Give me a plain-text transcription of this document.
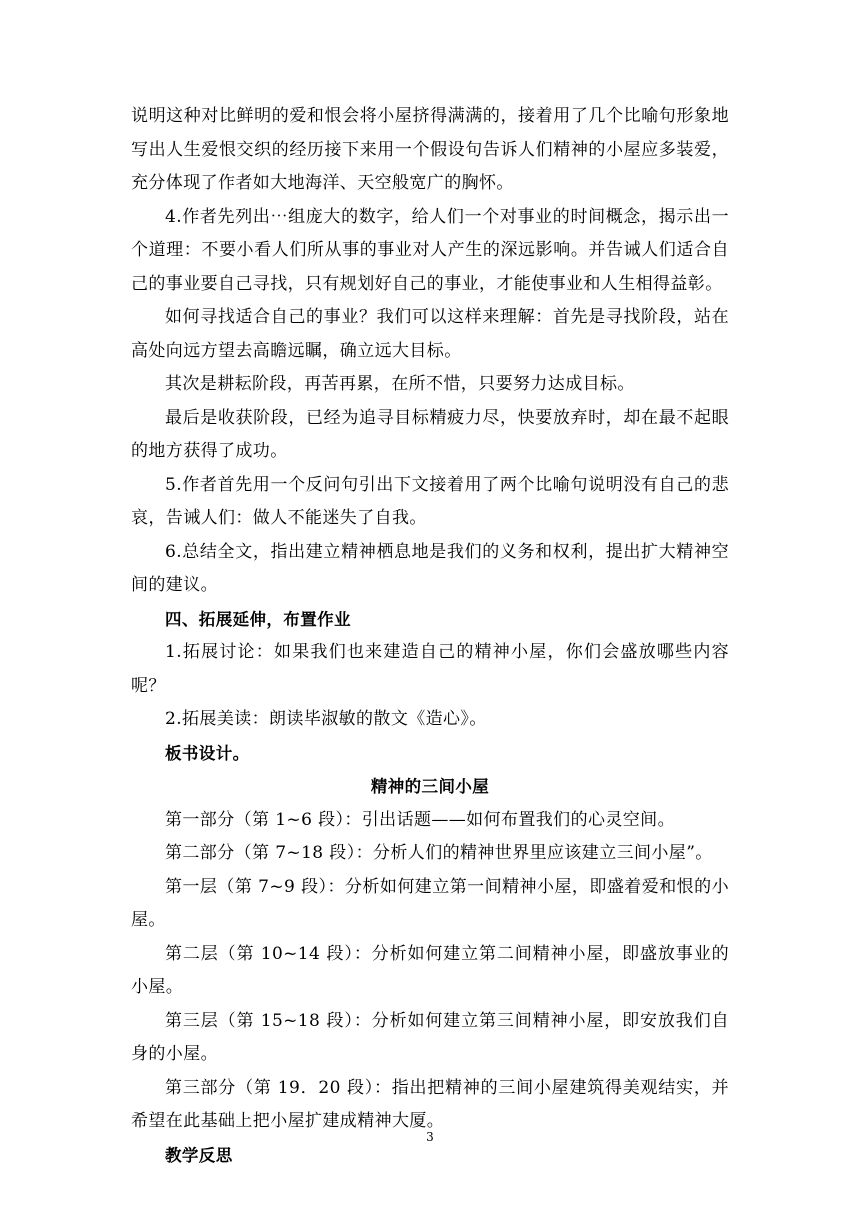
说明这种对比鲜明的爱和恨会将小屋挤得满满的，接着用了几个比喻句形象地写出人生爱恨交织的经历接下来用一个假设句告诉人们精神的小屋应多装爱，充分体现了作者如大地海洋、天空般宽广的胸怀。

4.作者先列出⋯组庞大的数字，给人们一个对事业的时间概念，揭示出一个道理：不要小看人们所从事的事业对人产生的深远影响。并告诫人们适合自己的事业要自己寻找，只有规划好自己的事业，才能使事业和人生相得益彰。

如何寻找适合自己的事业？我们可以这样来理解：首先是寻找阶段，站在高处向远方望去高瞻远瞩，确立远大目标。

其次是耕耘阶段，再苦再累，在所不惜，只要努力达成目标。

最后是收获阶段，已经为追寻目标精疲力尽，快要放弃时，却在最不起眼的地方获得了成功。

5.作者首先用一个反问句引出下文接着用了两个比喻句说明没有自己的悲哀，告诫人们：做人不能迷失了自我。

6.总结全文，指出建立精神栖息地是我们的义务和权利，提出扩大精神空间的建议。

四、拓展延伸，布置作业

1.拓展讨论：如果我们也来建造自己的精神小屋，你们会盛放哪些内容呢？

2.拓展美读：朗读毕淑敏的散文《造心》。

板书设计。

精神的三间小屋

第一部分（第 1~6 段）：引出话题——如何布置我们的心灵空间。

第二部分（第 7~18 段）：分析人们的精神世界里应该建立三间小屋”。

第一层（第 7~9 段）：分析如何建立第一间精神小屋，即盛着爱和恨的小屋。

第二层（第 10~14 段）：分析如何建立第二间精神小屋，即盛放事业的小屋。

第三层（第 15~18 段）：分析如何建立第三间精神小屋，即安放我们自身的小屋。

第三部分（第 19．20 段）：指出把精神的三间小屋建筑得美观结实，并希望在此基础上把小屋扩建成精神大厦。

教学反思

3
